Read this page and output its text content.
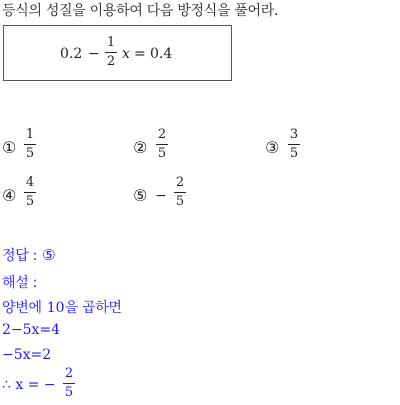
등식의 성질을 이용하여 다음 방정식을 풀어라.
0.2 −
1
2 x = 0.4
①
1
5	②
2
5	③
3
5
④
4
5	⑤ −
2
5
정답 : ⑤
해설 :
양변에 10을 곱하면
2−5x=4
−5x=2
∴ x = −
2
5
